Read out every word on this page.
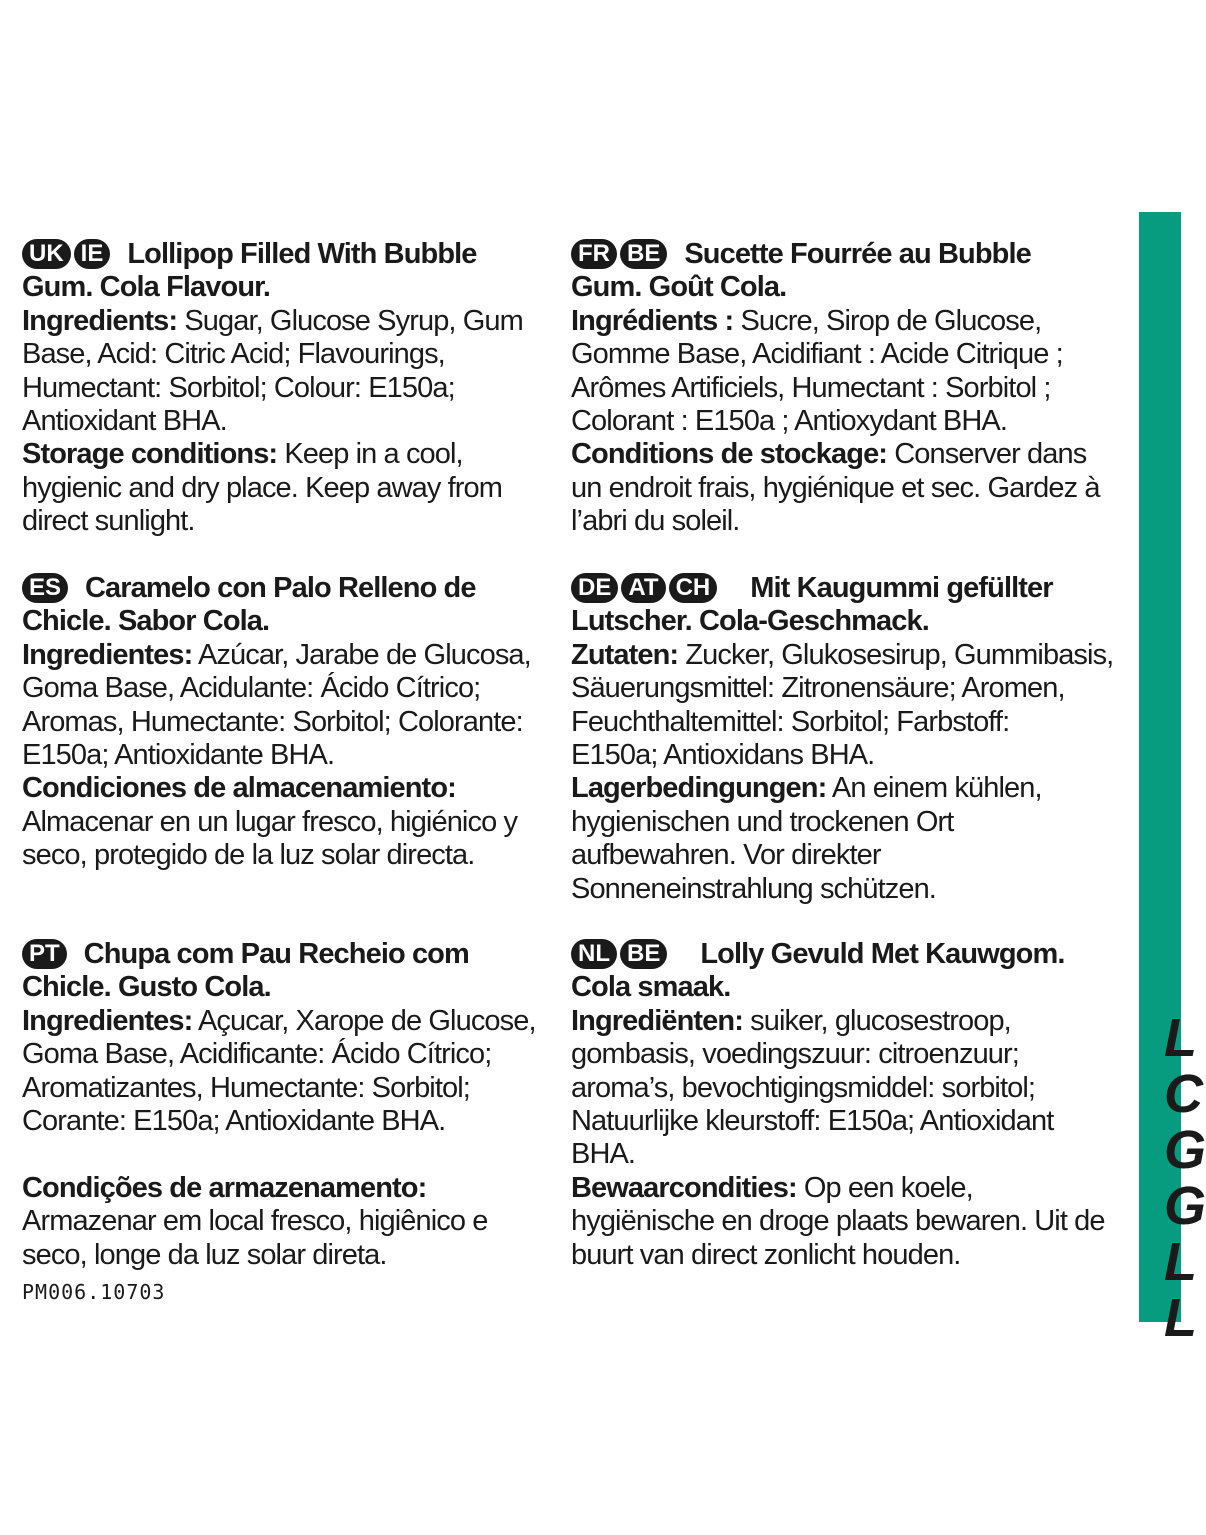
UK IE Lollipop Filled With Bubble
Gum. Cola Flavour.
Ingredients: Sugar, Glucose Syrup, Gum
Base, Acid: Citric Acid; Flavourings,
Humectant: Sorbitol; Colour: E150a;
Antioxidant BHA.
Storage conditions: Keep in a cool,
hygienic and dry place. Keep away from
direct sunlight.
FR BE Sucette Fourrée au Bubble
Gum. Goût Cola.
Ingrédients : Sucre, Sirop de Glucose,
Gomme Base, Acidifiant : Acide Citrique ;
Arômes Artificiels, Humectant : Sorbitol ;
Colorant : E150a ; Antioxydant BHA.
Conditions de stockage: Conserver dans
un endroit frais, hygiénique et sec. Gardez à
l’abri du soleil.
ES Caramelo con Palo Relleno de
Chicle. Sabor Cola.
Ingredientes: Azúcar, Jarabe de Glucosa,
Goma Base, Acidulante: Ácido Cítrico;
Aromas, Humectante: Sorbitol; Colorante:
E150a; Antioxidante BHA.
Condiciones de almacenamiento:
Almacenar en un lugar fresco, higiénico y
seco, protegido de la luz solar directa.
DE AT CH Mit Kaugummi gefüllter
Lutscher. Cola-Geschmack.
Zutaten: Zucker, Glukosesirup, Gummibasis,
Säuerungsmittel: Zitronensäure; Aromen,
Feuchthaltemittel: Sorbitol; Farbstoff:
E150a; Antioxidans BHA.
Lagerbedingungen: An einem kühlen,
hygienischen und trockenen Ort
aufbewahren. Vor direkter
Sonneneinstrahlung schützen.
PT Chupa com Pau Recheio com
Chicle. Gusto Cola.
Ingredientes: Açucar, Xarope de Glucose,
Goma Base, Acidificante: Ácido Cítrico;
Aromatizantes, Humectante: Sorbitol;
Corante: E150a; Antioxidante BHA.
Condições de armazenamento:
Armazenar em local fresco, higiênico e
seco, longe da luz solar direta.
NL BE Lolly Gevuld Met Kauwgom.
Cola smaak.
Ingrediënten: suiker, glucosestroop,
gombasis, voedingszuur: citroenzuur;
aroma’s, bevochtigingsmiddel: sorbitol;
Natuurlijke kleurstoff: E150a; Antioxidant
BHA.
Bewaarcondities: Op een koele,
hygiënische en droge plaats bewaren. Uit de
buurt van direct zonlicht houden.
PM006.10703
L
C
G
G
L
L
